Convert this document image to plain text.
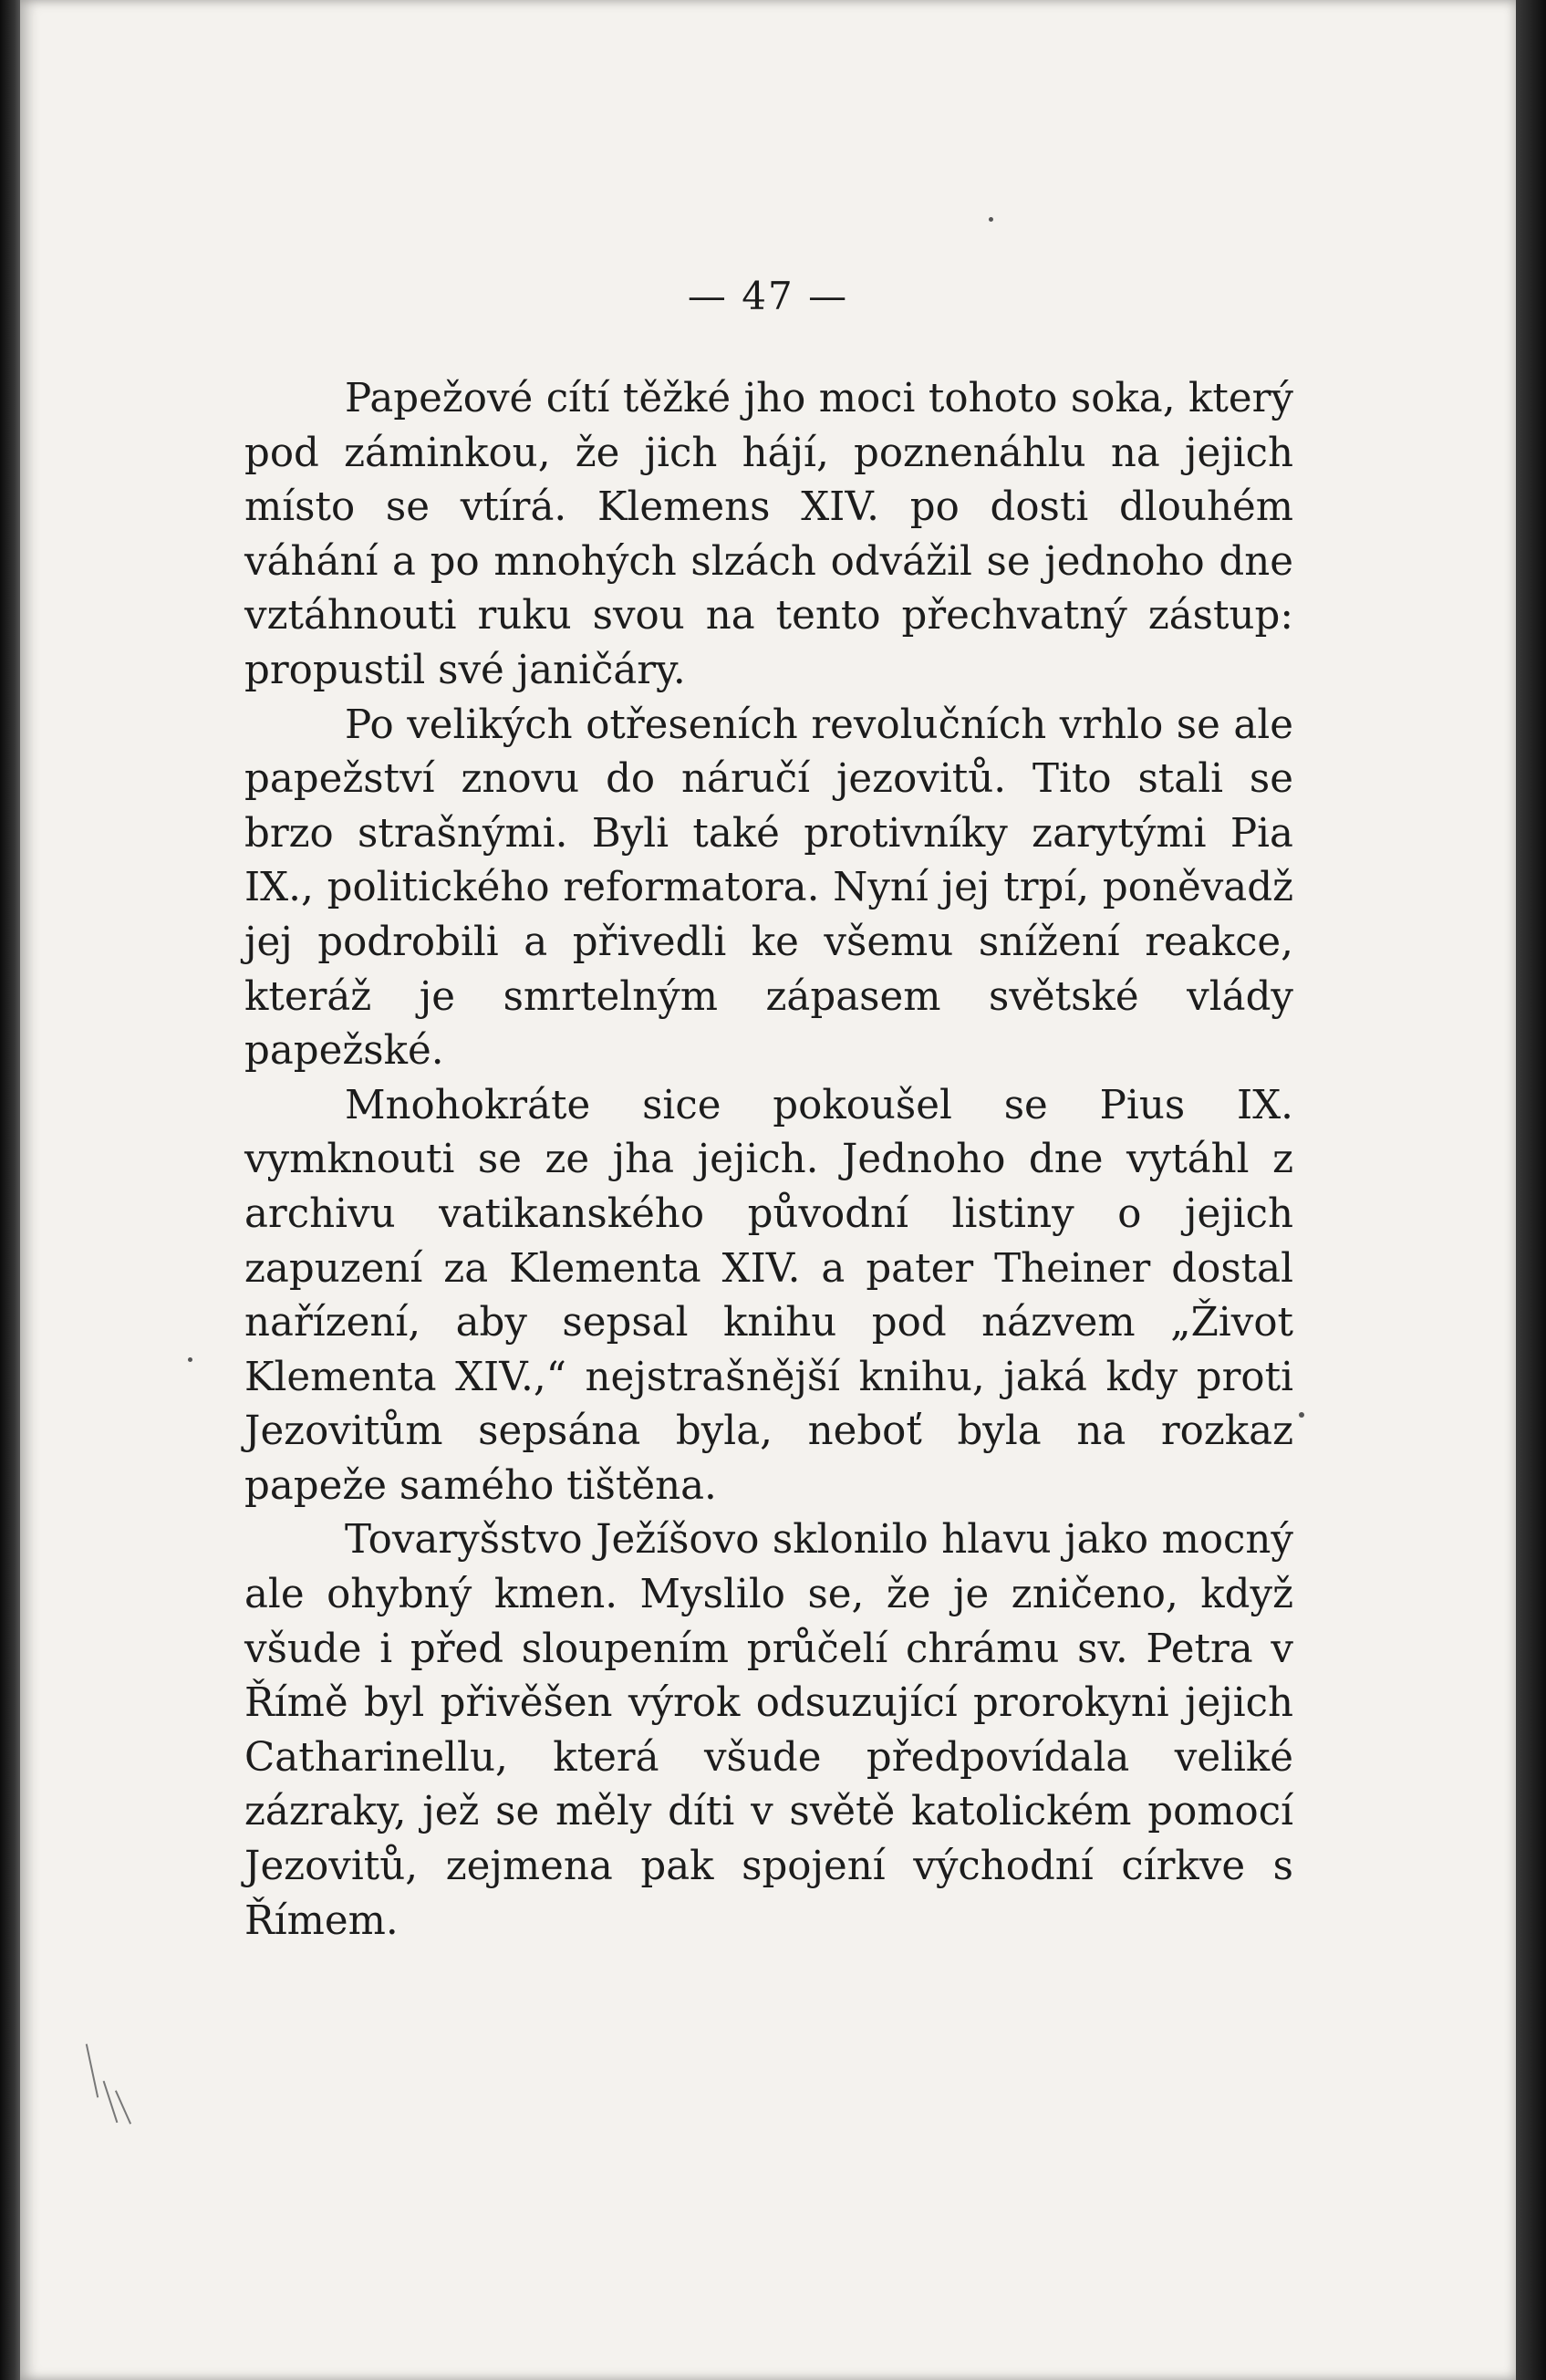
— 47 —

Papežové cítí těžké jho moci tohoto soka, který pod záminkou, že jich hájí, poznenáhlu na jejich místo se vtírá. Klemens XIV. po dosti dlouhém váhání a po mnohých slzách odvážil se jednoho dne vztáhnouti ruku svou na tento přechvatný zástup: propustil své janičáry.

Po velikých otřeseních revolučních vrhlo se ale papežství znovu do náručí jezovitů. Tito stali se brzo strašnými. Byli také protivníky zarytými Pia IX., politického reformatora. Nyní jej trpí, poněvadž jej podrobili a přivedli ke všemu snížení reakce, kteráž je smrtelným zápasem světské vlády papežské.

Mnohokráte sice pokoušel se Pius IX. vymknouti se ze jha jejich. Jednoho dne vytáhl z archivu vatikanského původní listiny o jejich zapuzení za Klementa XIV. a pater Theiner dostal nařízení, aby sepsal knihu pod názvem „Život Klementa XIV.,“ nejstrašnější knihu, jaká kdy proti Jezovitům sepsána byla, neboť byla na rozkaz papeže samého tištěna.

Tovaryšstvo Ježíšovo sklonilo hlavu jako mocný ale ohybný kmen. Myslilo se, že je zničeno, když všude i před sloupením průčelí chrámu sv. Petra v Římě byl přivěšen výrok odsuzující prorokyni jejich Catharinellu, která všude předpovídala veliké zázraky, jež se měly díti v světě katolickém pomocí Jezovitů, zejmena pak spojení východní církve s Římem.
